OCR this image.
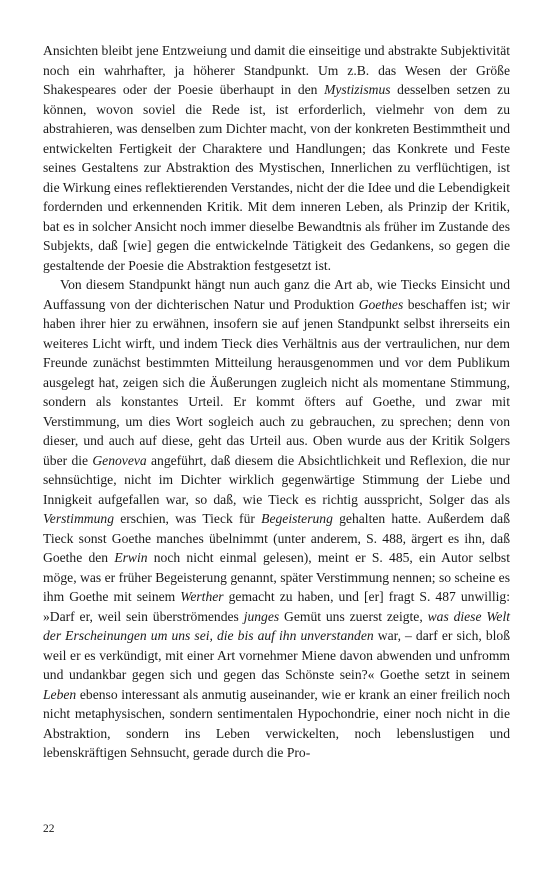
Ansichten bleibt jene Entzweiung und damit die einseitige und abstrakte Subjektivität noch ein wahrhafter, ja höherer Standpunkt. Um z.B. das Wesen der Größe Shakespeares oder der Poesie überhaupt in den Mystizismus desselben setzen zu können, wovon soviel die Rede ist, ist erforderlich, vielmehr von dem zu abstrahieren, was denselben zum Dichter macht, von der konkreten Bestimmtheit und entwickelten Fertigkeit der Charaktere und Handlungen; das Konkrete und Feste seines Gestaltens zur Abstraktion des Mystischen, Innerlichen zu verflüchtigen, ist die Wirkung eines reflektierenden Verstandes, nicht der die Idee und die Lebendigkeit fordernden und erkennenden Kritik. Mit dem inneren Leben, als Prinzip der Kritik, bat es in solcher Ansicht noch immer dieselbe Bewandtnis als früher im Zustande des Subjekts, daß [wie] gegen die entwickelnde Tätigkeit des Gedankens, so gegen die gestaltende der Poesie die Abstraktion festgesetzt ist.

Von diesem Standpunkt hängt nun auch ganz die Art ab, wie Tiecks Einsicht und Auffassung von der dichterischen Natur und Produktion Goethes beschaffen ist; wir haben ihrer hier zu erwähnen, insofern sie auf jenen Standpunkt selbst ihrerseits ein weiteres Licht wirft, und indem Tieck dies Verhältnis aus der vertraulichen, nur dem Freunde zunächst bestimmten Mitteilung herausgenommen und vor dem Publikum ausgelegt hat, zeigen sich die Äußerungen zugleich nicht als momentane Stimmung, sondern als konstantes Urteil. Er kommt öfters auf Goethe, und zwar mit Verstimmung, um dies Wort sogleich auch zu gebrauchen, zu sprechen; denn von dieser, und auch auf diese, geht das Urteil aus. Oben wurde aus der Kritik Solgers über die Genoveva angeführt, daß diesem die Absichtlichkeit und Reflexion, die nur sehnsüchtige, nicht im Dichter wirklich gegenwärtige Stimmung der Liebe und Innigkeit aufgefallen war, so daß, wie Tieck es richtig ausspricht, Solger das als Verstimmung erschien, was Tieck für Begeisterung gehalten hatte. Außerdem daß Tieck sonst Goethe manches übelnimmt (unter anderem, S. 488, ärgert es ihn, daß Goethe den Erwin noch nicht einmal gelesen), meint er S. 485, ein Autor selbst möge, was er früher Begeisterung genannt, später Verstimmung nennen; so scheine es ihm Goethe mit seinem Werther gemacht zu haben, und [er] fragt S. 487 unwillig: »Darf er, weil sein überströmendes junges Gemüt uns zuerst zeigte, was diese Welt der Erscheinungen um uns sei, die bis auf ihn unverstanden war, – darf er sich, bloß weil er es verkündigt, mit einer Art vornehmer Miene davon abwenden und unfromm und undankbar gegen sich und gegen das Schönste sein?« Goethe setzt in seinem Leben ebenso interessant als anmutig auseinander, wie er krank an einer freilich noch nicht metaphysischen, sondern sentimentalen Hypochondrie, einer noch nicht in die Abstraktion, sondern ins Leben verwickelten, noch lebenslustigen und lebenskräftigen Sehnsucht, gerade durch die Pro-

22
